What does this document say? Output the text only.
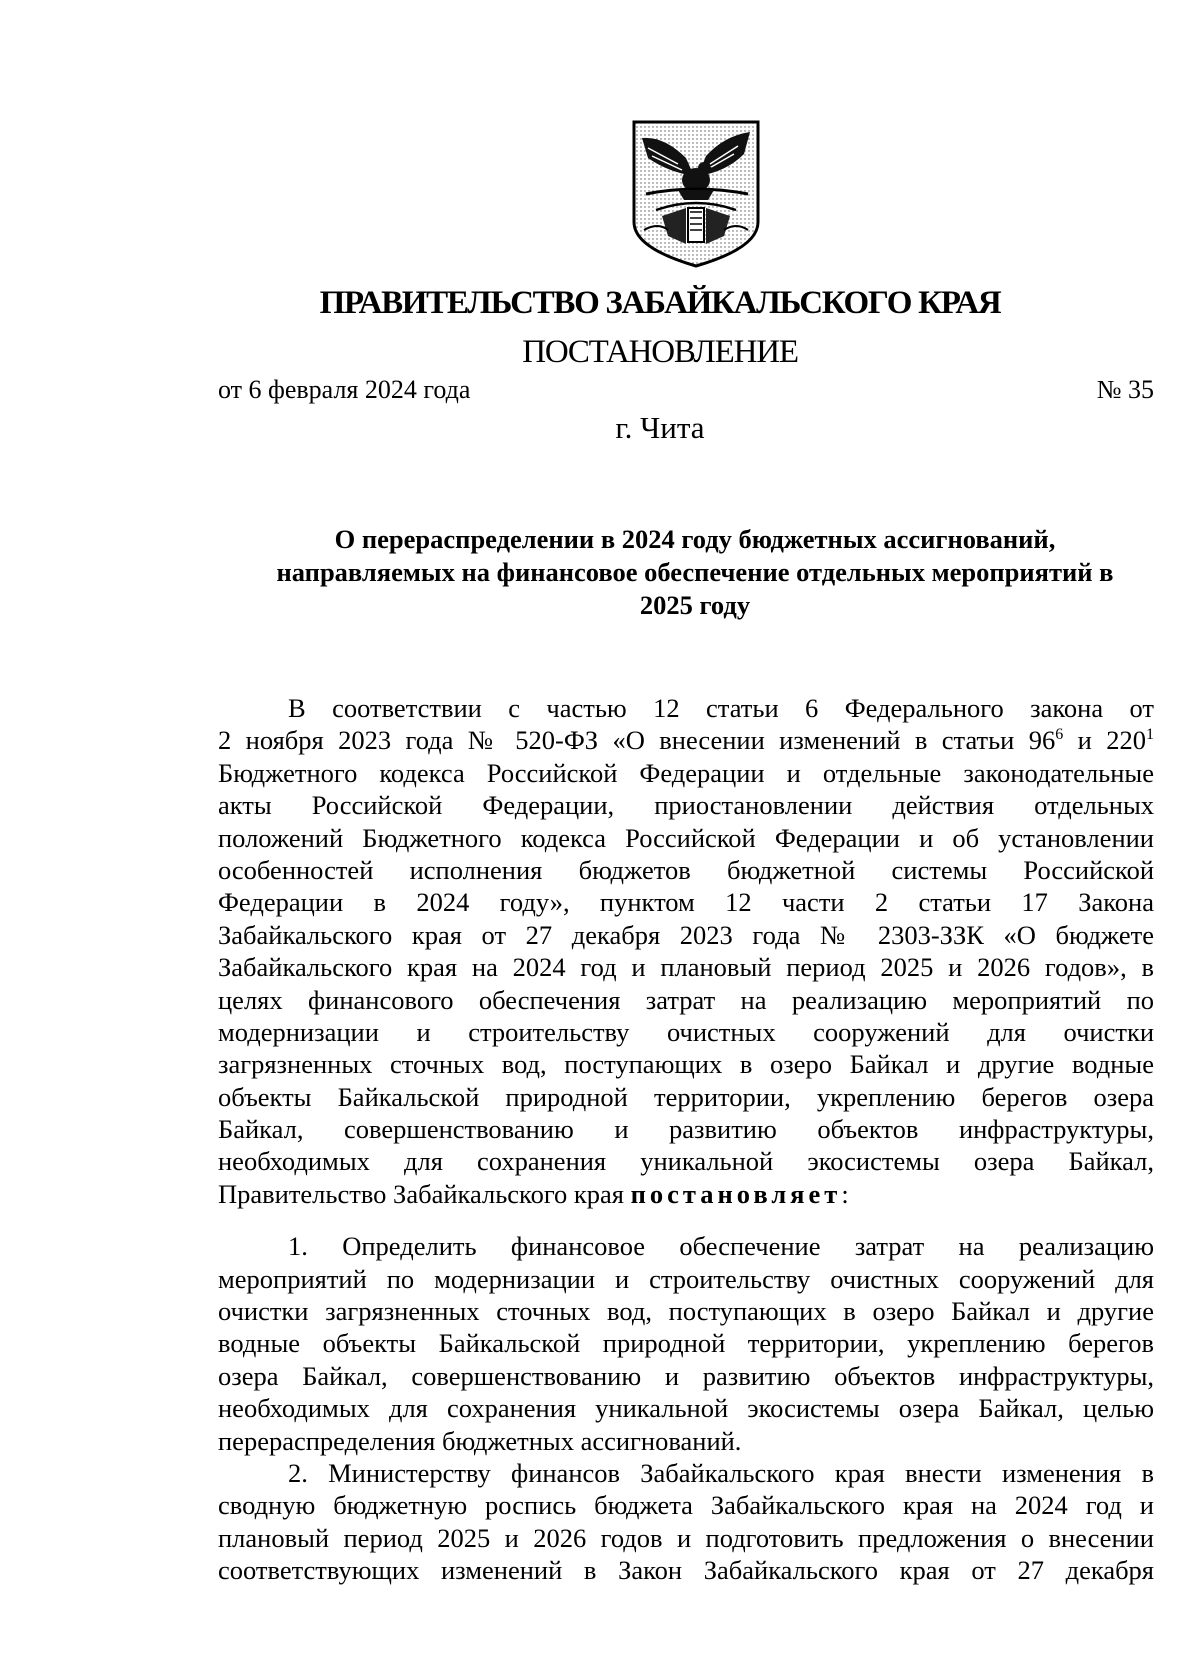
ПРАВИТЕЛЬСТВО ЗАБАЙКАЛЬСКОГО КРАЯ
ПОСТАНОВЛЕНИЕ
от 6 февраля 2024 года	№ 35
г. Чита
О перераспределении в 2024 году бюджетных ассигнований,
направляемых на финансовое обеспечение отдельных мероприятий в
2025 году
В соответствии с частью 12 статьи 6 Федерального закона от
2 ноября 2023 года № 520-ФЗ «О внесении изменений в статьи $96^6$ и $220^1$
Бюджетного кодекса Российской Федерации и отдельные законодательные
акты Российской Федерации, приостановлении действия отдельных
положений Бюджетного кодекса Российской Федерации и об установлении
особенностей исполнения бюджетов бюджетной системы Российской
Федерации в 2024 году», пунктом 12 части 2 статьи 17 Закона
Забайкальского края от 27 декабря 2023 года № 2303-ЗЗК «О бюджете
Забайкальского края на 2024 год и плановый период 2025 и 2026 годов», в
целях финансового обеспечения затрат на реализацию мероприятий по
модернизации и строительству очистных сооружений для очистки
загрязненных сточных вод, поступающих в озеро Байкал и другие водные
объекты Байкальской природной территории, укреплению берегов озера
Байкал, совершенствованию и развитию объектов инфраструктуры,
необходимых для сохранения уникальной экосистемы озера Байкал,
Правительство Забайкальского края постановляет:
1. Определить финансовое обеспечение затрат на реализацию
мероприятий по модернизации и строительству очистных сооружений для
очистки загрязненных сточных вод, поступающих в озеро Байкал и другие
водные объекты Байкальской природной территории, укреплению берегов
озера Байкал, совершенствованию и развитию объектов инфраструктуры,
необходимых для сохранения уникальной экосистемы озера Байкал, целью
перераспределения бюджетных ассигнований.
2. Министерству финансов Забайкальского края внести изменения в
сводную бюджетную роспись бюджета Забайкальского края на 2024 год и
плановый период 2025 и 2026 годов и подготовить предложения о внесении
соответствующих изменений в Закон Забайкальского края от 27 декабря
